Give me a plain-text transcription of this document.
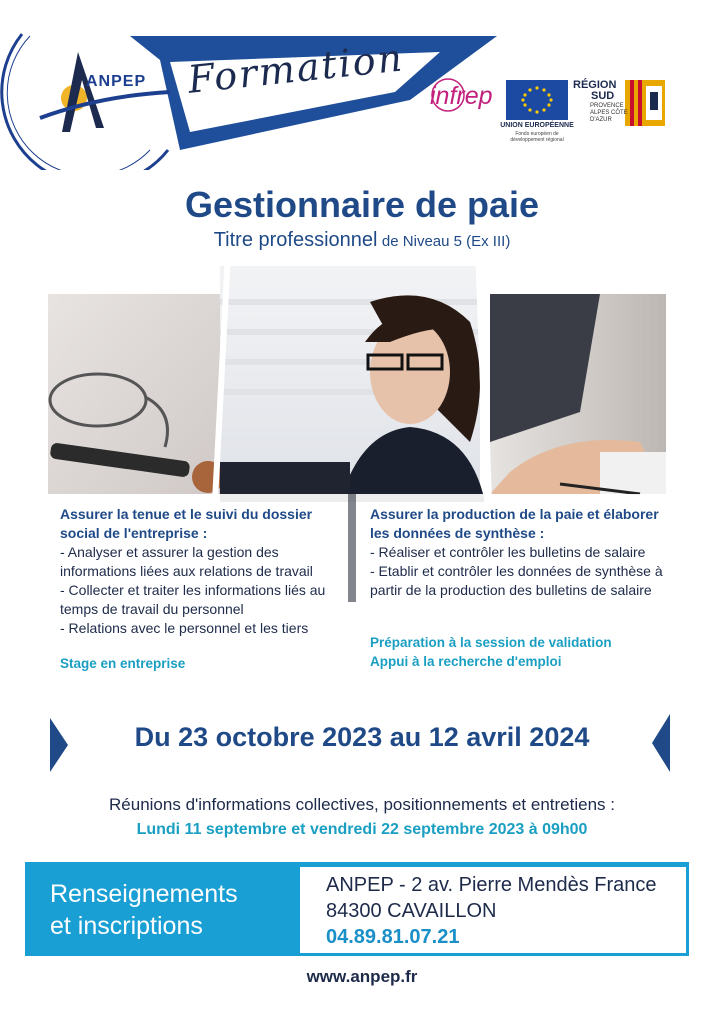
ANPEP Formation infrep
UNION EUROPÉENNE
Fonds européen de développement régional
RÉGION
SUD
PROVENCE ALPES CÔTE D'AZUR
Gestionnaire de paie
Titre professionnel de Niveau 5 (Ex III)
Assurer la tenue et le suivi du dossier social de l'entreprise :
- Analyser et assurer la gestion des informations liées aux relations de travail
- Collecter et traiter les informations liés au temps de travail du personnel
- Relations avec le personnel et les tiers
Stage en entreprise
Assurer la production de la paie et élaborer les données de synthèse :
- Réaliser et contrôler les bulletins de salaire
- Etablir et contrôler les données de synthèse à partir de la production des bulletins de salaire
Préparation à la session de validation
Appui à la recherche d'emploi
Du 23 octobre 2023 au 12 avril 2024
Réunions d'informations collectives, positionnements et entretiens :
Lundi 11 septembre et vendredi 22 septembre 2023 à 09h00
Renseignements
et inscriptions
ANPEP - 2 av. Pierre Mendès France
84300 CAVAILLON
04.89.81.07.21
www.anpep.fr
